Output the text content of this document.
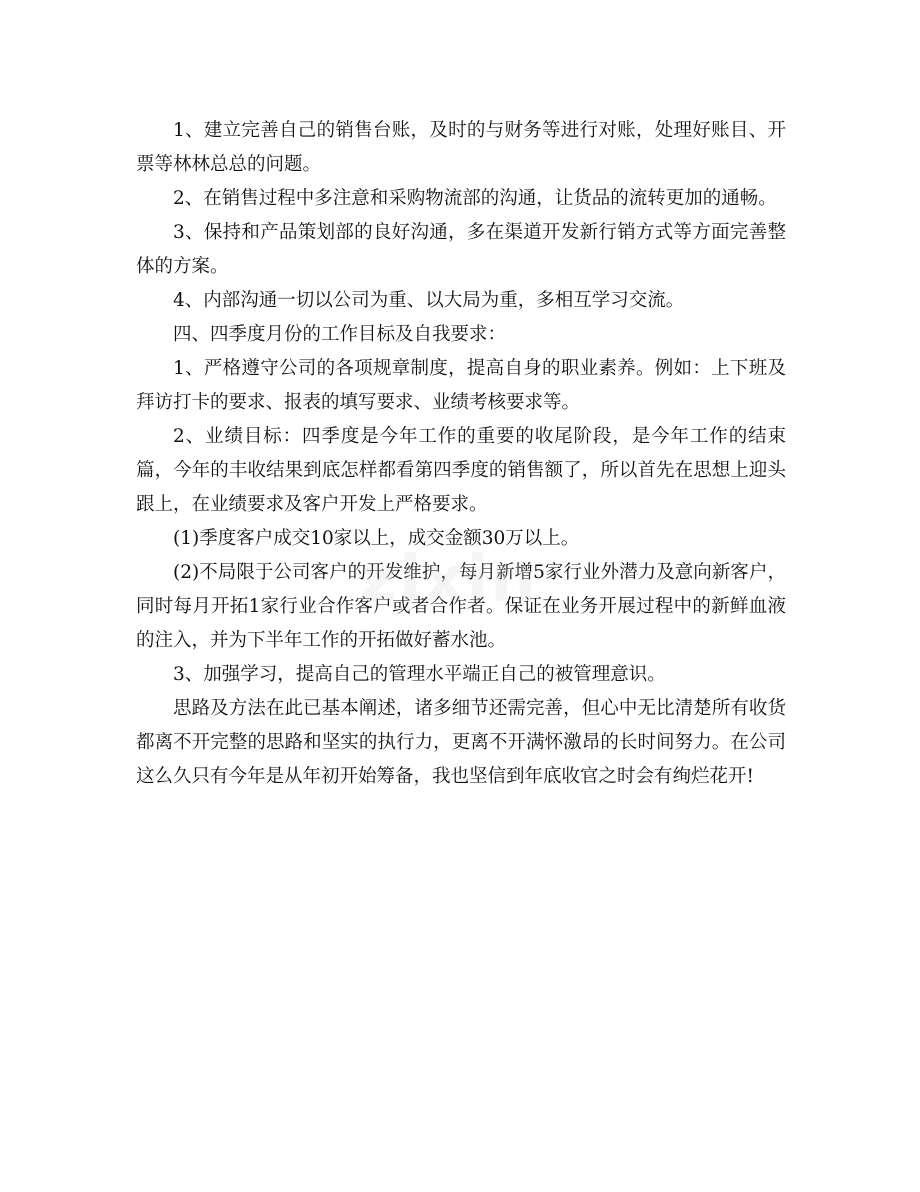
1、建立完善自己的销售台账，及时的与财务等进行对账，处理好账目、开票等林林总总的问题。

2、在销售过程中多注意和采购物流部的沟通，让货品的流转更加的通畅。

3、保持和产品策划部的良好沟通，多在渠道开发新行销方式等方面完善整体的方案。

4、内部沟通一切以公司为重、以大局为重，多相互学习交流。

四、四季度月份的工作目标及自我要求：

1、严格遵守公司的各项规章制度，提高自身的职业素养。例如：上下班及拜访打卡的要求、报表的填写要求、业绩考核要求等。

2、业绩目标：四季度是今年工作的重要的收尾阶段，是今年工作的结束篇，今年的丰收结果到底怎样都看第四季度的销售额了，所以首先在思想上迎头跟上，在业绩要求及客户开发上严格要求。

(1)季度客户成交10家以上，成交金额30万以上。

(2)不局限于公司客户的开发维护，每月新增5家行业外潜力及意向新客户，同时每月开拓1家行业合作客户或者合作者。保证在业务开展过程中的新鲜血液的注入，并为下半年工作的开拓做好蓄水池。

3、加强学习，提高自己的管理水平端正自己的被管理意识。

思路及方法在此已基本阐述，诸多细节还需完善，但心中无比清楚所有收货都离不开完整的思路和坚实的执行力，更离不开满怀激昂的长时间努力。在公司这么久只有今年是从年初开始筹备，我也坚信到年底收官之时会有绚烂花开!

zixin
